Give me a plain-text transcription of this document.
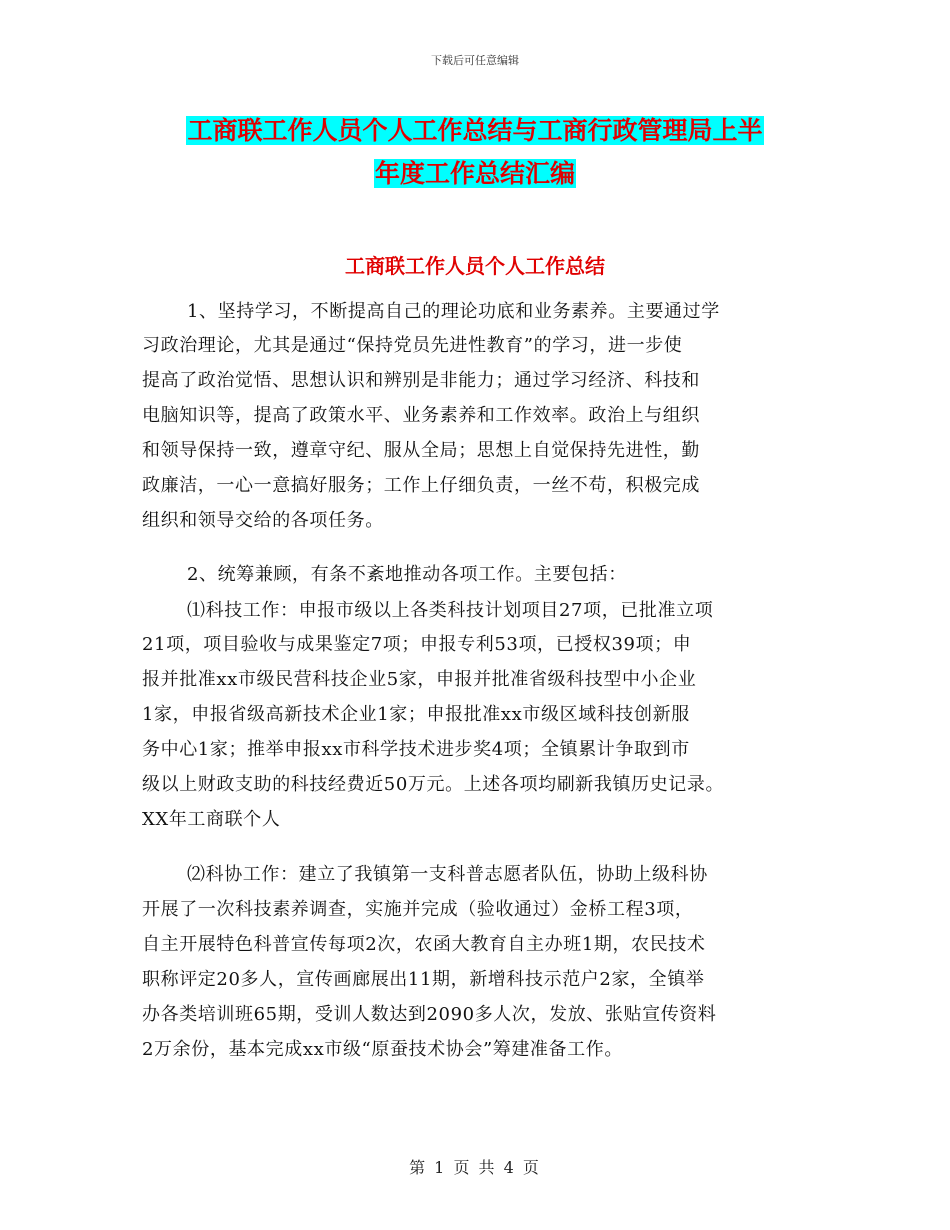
下载后可任意编辑
工商联工作人员个人工作总结与工商行政管理局上半
年度工作总结汇编
工商联工作人员个人工作总结
1、坚持学习，不断提高自己的理论功底和业务素养。主要通过学
习政治理论，尤其是通过“保持党员先进性教育”的学习，进一步使
提高了政治觉悟、思想认识和辨别是非能力；通过学习经济、科技和
电脑知识等，提高了政策水平、业务素养和工作效率。政治上与组织
和领导保持一致，遵章守纪、服从全局；思想上自觉保持先进性，勤
政廉洁，一心一意搞好服务；工作上仔细负责，一丝不苟，积极完成
组织和领导交给的各项任务。
2、统筹兼顾，有条不紊地推动各项工作。主要包括：
⑴科技工作：申报市级以上各类科技计划项目27项，已批准立项
21项，项目验收与成果鉴定7项；申报专利53项，已授权39项；申
报并批准xx市级民营科技企业5家，申报并批准省级科技型中小企业
1家，申报省级高新技术企业1家；申报批准xx市级区域科技创新服
务中心1家；推举申报xx市科学技术进步奖4项；全镇累计争取到市
级以上财政支助的科技经费近50万元。上述各项均刷新我镇历史记录。
XX年工商联个人
⑵科协工作：建立了我镇第一支科普志愿者队伍，协助上级科协
开展了一次科技素养调查，实施并完成（验收通过）金桥工程3项，
自主开展特色科普宣传每项2次，农函大教育自主办班1期，农民技术
职称评定20多人，宣传画廊展出11期，新增科技示范户2家，全镇举
办各类培训班65期，受训人数达到2090多人次，发放、张贴宣传资料
2万余份，基本完成xx市级“原蚕技术协会”筹建准备工作。
第 1 页 共 4 页
